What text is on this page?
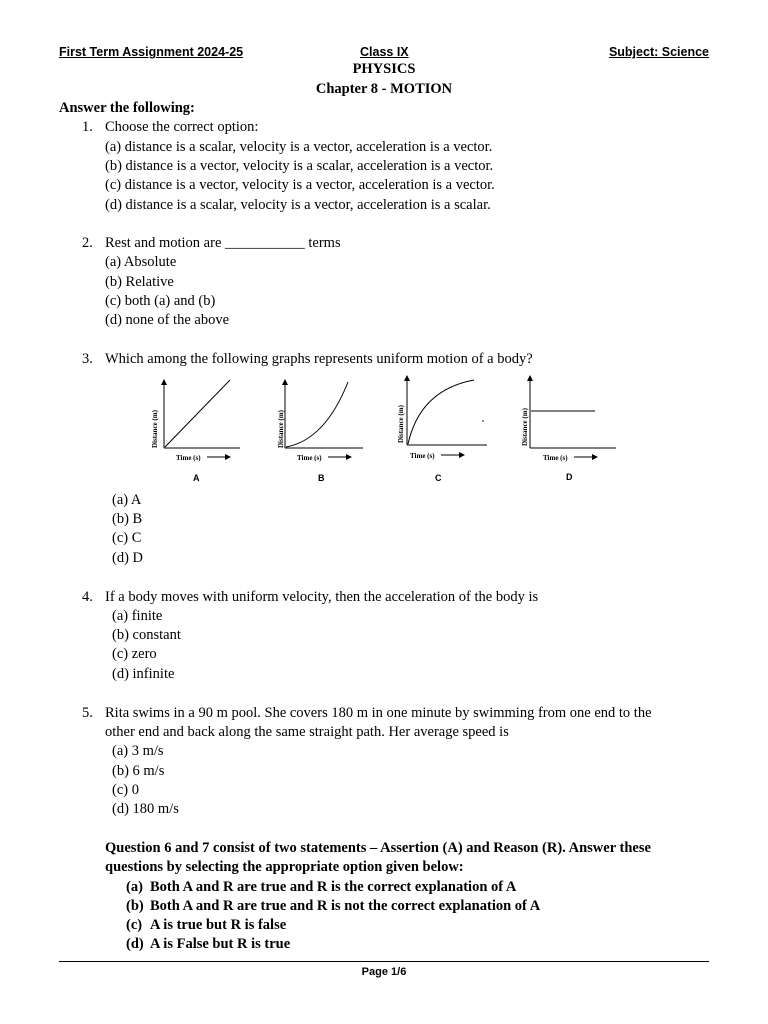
First Term Assignment 2024-25	Class IX	Subject: Science
PHYSICS
Chapter 8 - MOTION
Answer the following:
1. Choose the correct option:
(a) distance is a scalar, velocity is a vector, acceleration is a vector.
(b) distance is a vector, velocity is a scalar, acceleration is a vector.
(c) distance is a vector, velocity is a vector, acceleration is a vector.
(d) distance is a scalar, velocity is a vector, acceleration is a scalar.
2. Rest and motion are ___________ terms
(a) Absolute
(b) Relative
(c) both (a) and (b)
(d) none of the above
3. Which among the following graphs represents uniform motion of a body?
Distance (m)
Time (s)
A
Distance (m)
Time (s)
B
Distance (m)
Time (s)
C
Distance (m)
Time (s)
D
(a) A
(b) B
(c) C
(d) D
4. If a body moves with uniform velocity, then the acceleration of the body is
(a) finite
(b) constant
(c) zero
(d) infinite
5. Rita swims in a 90 m pool. She covers 180 m in one minute by swimming from one end to the
other end and back along the same straight path. Her average speed is
(a) 3 m/s
(b) 6 m/s
(c) 0
(d) 180 m/s
Question 6 and 7 consist of two statements – Assertion (A) and Reason (R). Answer these
questions by selecting the appropriate option given below:
(a) Both A and R are true and R is the correct explanation of A
(b) Both A and R are true and R is not the correct explanation of A
(c) A is true but R is false
(d) A is False but R is true
Page 1/6
